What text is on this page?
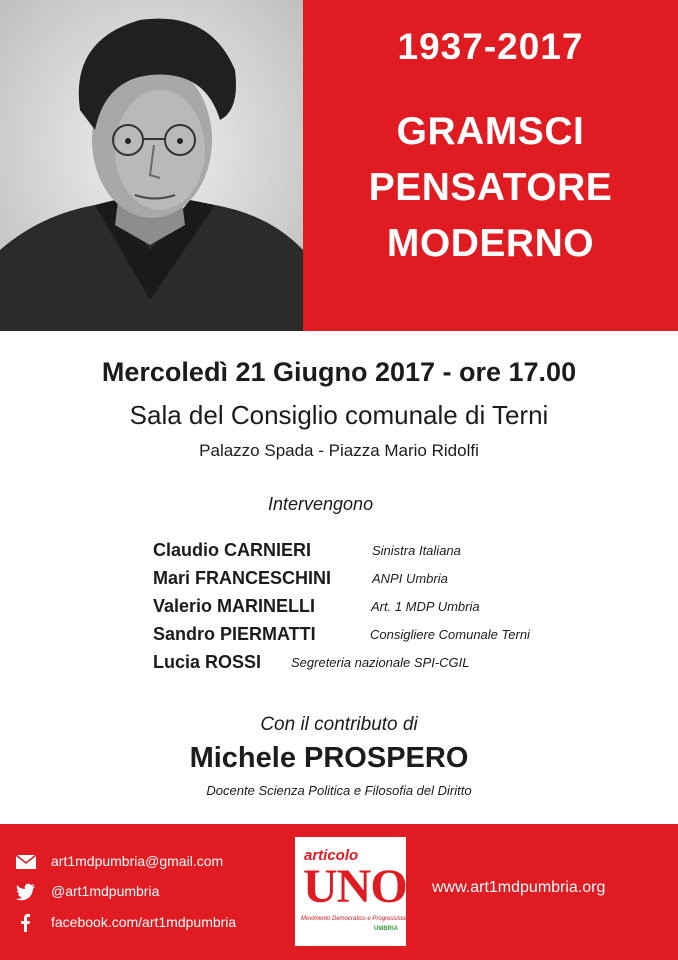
1937-2017
GRAMSCI
PENSATORE
MODERNO
Mercoledì 21 Giugno 2017 - ore 17.00
Sala del Consiglio comunale di Terni
Palazzo Spada - Piazza Mario Ridolfi
Intervengono
Claudio CARNIERI	Sinistra Italiana
Mari FRANCESCHINI	ANPI Umbria
Valerio MARINELLI	Art. 1 MDP Umbria
Sandro PIERMATTI	Consigliere Comunale Terni
Lucia ROSSI Segreteria nazionale SPI-CGIL
Con il contributo di
Michele PROSPERO
Docente Scienza Politica e Filosofia del Diritto
art1mdpumbria@gmail.com
@art1mdpumbria
facebook.com/art1mdpumbria
articolo
UNO
Movimento Democratico e Progressista
UMBRIA
www.art1mdpumbria.org
